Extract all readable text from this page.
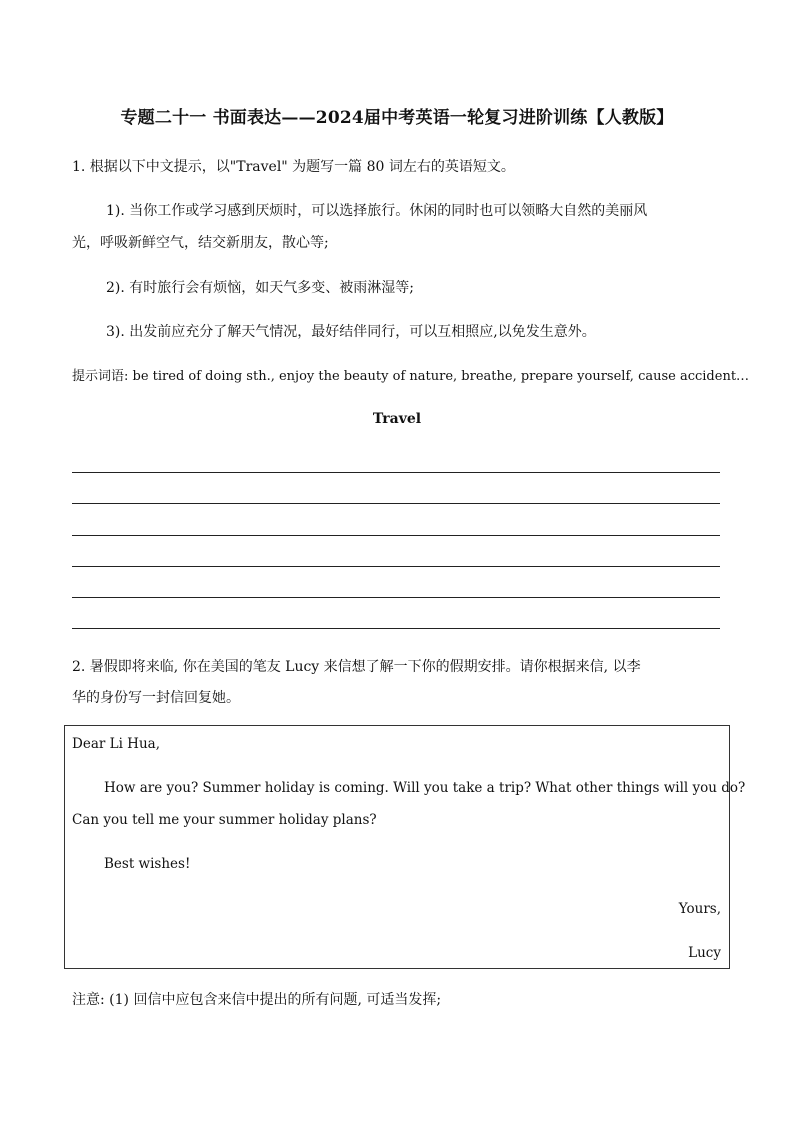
专题二十一 书面表达——2024届中考英语一轮复习进阶训练【人教版】
1. 根据以下中文提示，以"Travel" 为题写一篇 80 词左右的英语短文。
1). 当你工作或学习感到厌烦时，可以选择旅行。休闲的同时也可以领略大自然的美丽风
光，呼吸新鲜空气，结交新朋友，散心等;
2). 有时旅行会有烦恼，如天气多变、被雨淋湿等;
3). 出发前应充分了解天气情况，最好结伴同行，可以互相照应,以免发生意外。
提示词语: be tired of doing sth., enjoy the beauty of nature, breathe, prepare yourself, cause accident…
Travel
2. 暑假即将来临, 你在美国的笔友 Lucy 来信想了解一下你的假期安排。请你根据来信, 以李
华的身份写一封信回复她。
Dear Li Hua,
How are you? Summer holiday is coming. Will you take a trip? What other things will you do?
Can you tell me your summer holiday plans?
Best wishes!
Yours,
Lucy
注意: (1) 回信中应包含来信中提出的所有问题, 可适当发挥;
